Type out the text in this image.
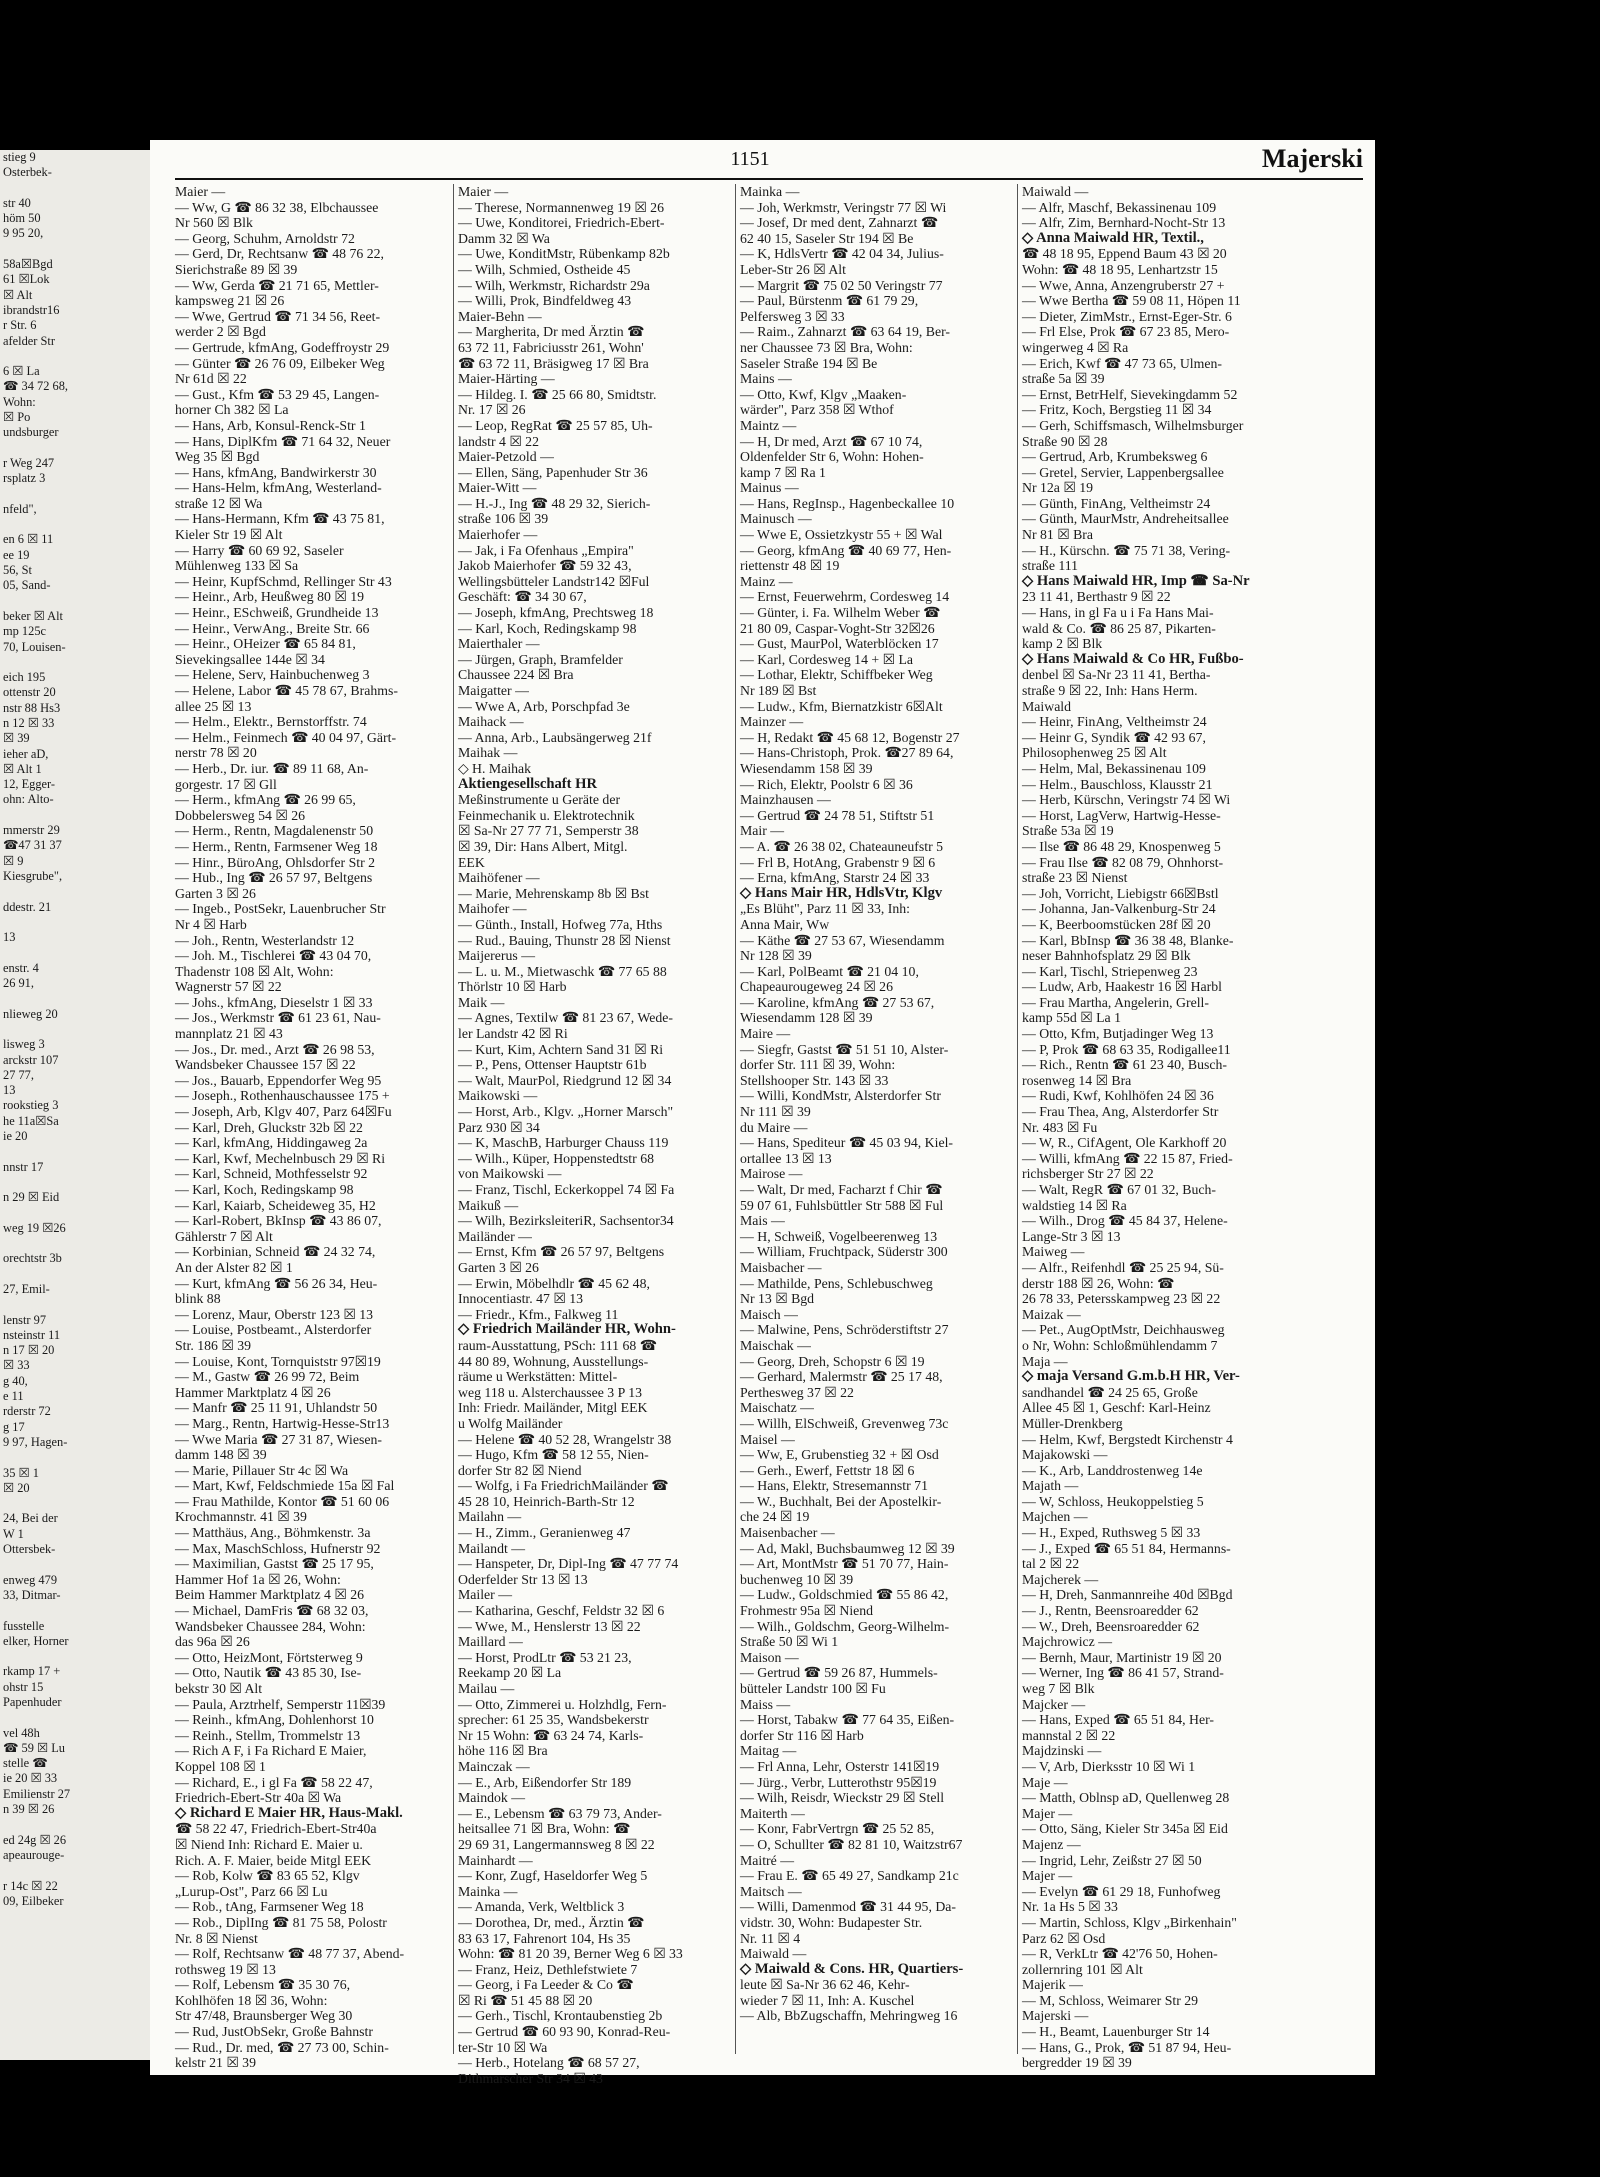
stieg 9
Osterbek-

str 40
höm 50
9 95 20,

58a☒Bgd
61 ☒Lok
☒ Alt
ibrandstr16
r Str. 6
afelder Str

6 ☒ La
☎ 34 72 68,
Wohn:
☒ Po
undsburger

r Weg 247
rsplatz 3

nfeld",

en 6 ☒ 11
ee 19
56, St
05, Sand-

beker ☒ Alt
mp 125c
70, Louisen-

eich 195
ottenstr 20
nstr 88 Hs3
n 12 ☒ 33
☒ 39
ieher aD,
☒ Alt 1
12, Egger-
ohn: Alto-

mmerstr 29
☎47 31 37
☒ 9
Kiesgrube",

ddestr. 21

13

enstr. 4
26 91,

nlieweg 20

lisweg 3
arckstr 107
27 77,
13
rookstieg 3
he 11a☒Sa
ie 20

nnstr 17

n 29 ☒ Eid

weg 19 ☒26

orechtstr 3b

27, Emil-

lenstr 97
nsteinstr 11
n 17 ☒ 20
☒ 33
g 40,
e 11
rderstr 72
g 17
9 97, Hagen-

35 ☒ 1
☒ 20

24, Bei der
W 1
Ottersbek-

enweg 479
33, Ditmar-

fusstelle
elker, Horner

rkamp 17 +
ohstr 15
Papenhuder

vel 48h
☎ 59 ☒ Lu
stelle ☎
ie 20 ☒ 33
Emilienstr 27
n 39 ☒ 26

ed 24g ☒ 26
apeaurouge-

r 14c ☒ 22
09, Eilbeker
1151	Majerski
Maier —
— Ww, G ☎ 86 32 38, Elbchaussee
Nr 560 ☒ Blk
— Georg, Schuhm, Arnoldstr 72
— Gerd, Dr, Rechtsanw ☎ 48 76 22,
Sierichstraße 89 ☒ 39
— Ww, Gerda ☎ 21 71 65, Mettler-
kampsweg 21 ☒ 26
— Wwe, Gertrud ☎ 71 34 56, Reet-
werder 2 ☒ Bgd
— Gertrude, kfmAng, Godeffroystr 29
— Günter ☎ 26 76 09, Eilbeker Weg
Nr 61d ☒ 22
— Gust., Kfm ☎ 53 29 45, Langen-
horner Ch 382 ☒ La
— Hans, Arb, Konsul-Renck-Str 1
— Hans, DiplKfm ☎ 71 64 32, Neuer
Weg 35 ☒ Bgd
— Hans, kfmAng, Bandwirkerstr 30
— Hans-Helm, kfmAng, Westerland-
straße 12 ☒ Wa
— Hans-Hermann, Kfm ☎ 43 75 81,
Kieler Str 19 ☒ Alt
— Harry ☎ 60 69 92, Saseler
Mühlenweg 133 ☒ Sa
— Heinr, KupfSchmd, Rellinger Str 43
— Heinr., Arb, Heußweg 80 ☒ 19
— Heinr., ESchweiß, Grundheide 13
— Heinr., VerwAng., Breite Str. 66
— Heinr., OHeizer ☎ 65 84 81,
Sievekingsallee 144e ☒ 34
— Helene, Serv, Hainbuchenweg 3
— Helene, Labor ☎ 45 78 67, Brahms-
allee 25 ☒ 13
— Helm., Elektr., Bernstorffstr. 74
— Helm., Feinmech ☎ 40 04 97, Gärt-
nerstr 78 ☒ 20
— Herb., Dr. iur. ☎ 89 11 68, An-
gorgestr. 17 ☒ Gll
— Herm., kfmAng ☎ 26 99 65,
Dobbelersweg 54 ☒ 26
— Herm., Rentn, Magdalenenstr 50
— Herm., Rentn, Farmsener Weg 18
— Hinr., BüroAng, Ohlsdorfer Str 2
— Hub., Ing ☎ 26 57 97, Beltgens
Garten 3 ☒ 26
— Ingeb., PostSekr, Lauenbrucher Str
Nr 4 ☒ Harb
— Joh., Rentn, Westerlandstr 12
— Joh. M., Tischlerei ☎ 43 04 70,
Thadenstr 108 ☒ Alt, Wohn:
Wagnerstr 57 ☒ 22
— Johs., kfmAng, Dieselstr 1 ☒ 33
— Jos., Werkmstr ☎ 61 23 61, Nau-
mannplatz 21 ☒ 43
— Jos., Dr. med., Arzt ☎ 26 98 53,
Wandsbeker Chaussee 157 ☒ 22
— Jos., Bauarb, Eppendorfer Weg 95
— Joseph., Rothenhauschaussee 175 +
— Joseph, Arb, Klgv 407, Parz 64☒Fu
— Karl, Dreh, Gluckstr 32b ☒ 22
— Karl, kfmAng, Hiddingaweg 2a
— Karl, Kwf, Mechelnbusch 29 ☒ Ri
— Karl, Schneid, Mothfesselstr 92
— Karl, Koch, Redingskamp 98
— Karl, Kaiarb, Scheideweg 35, H2
— Karl-Robert, BkInsp ☎ 43 86 07,
Gählerstr 7 ☒ Alt
— Korbinian, Schneid ☎ 24 32 74,
An der Alster 82 ☒ 1
— Kurt, kfmAng ☎ 56 26 34, Heu-
blink 88
— Lorenz, Maur, Oberstr 123 ☒ 13
— Louise, Postbeamt., Alsterdorfer
Str. 186 ☒ 39
— Louise, Kont, Tornquiststr 97☒19
— M., Gastw ☎ 26 99 72, Beim
Hammer Marktplatz 4 ☒ 26
— Manfr ☎ 25 11 91, Uhlandstr 50
— Marg., Rentn, Hartwig-Hesse-Str13
— Wwe Maria ☎ 27 31 87, Wiesen-
damm 148 ☒ 39
— Marie, Pillauer Str 4c ☒ Wa
— Mart, Kwf, Feldschmiede 15a ☒ Fal
— Frau Mathilde, Kontor ☎ 51 60 06
Krochmannstr. 41 ☒ 39
— Matthäus, Ang., Böhmkenstr. 3a
— Max, MaschSchloss, Hufnerstr 92
— Maximilian, Gastst ☎ 25 17 95,
Hammer Hof 1a ☒ 26, Wohn:
Beim Hammer Marktplatz 4 ☒ 26
— Michael, DamFris ☎ 68 32 03,
Wandsbeker Chaussee 284, Wohn:
das 96a ☒ 26
— Otto, HeizMont, Förtsterweg 9
— Otto, Nautik ☎ 43 85 30, Ise-
bekstr 30 ☒ Alt
— Paula, Arztrhelf, Semperstr 11☒39
— Reinh., kfmAng, Dohlenhorst 10
— Reinh., Stellm, Trommelstr 13
— Rich A F, i Fa Richard E Maier,
Koppel 108 ☒ 1
— Richard, E., i gl Fa ☎ 58 22 47,
Friedrich-Ebert-Str 40a ☒ Wa
◇ Richard E Maier HR, Haus-Makl.
☎ 58 22 47, Friedrich-Ebert-Str40a
☒ Niend Inh: Richard E. Maier u.
Rich. A. F. Maier, beide Mitgl EEK
— Rob, Kolw ☎ 83 65 52, Klgv
„Lurup-Ost", Parz 66 ☒ Lu
— Rob., tAng, Farmsener Weg 18
— Rob., DiplIng ☎ 81 75 58, Polostr
Nr. 8 ☒ Nienst
— Rolf, Rechtsanw ☎ 48 77 37, Abend-
rothsweg 19 ☒ 13
— Rolf, Lebensm ☎ 35 30 76,
Kohlhöfen 18 ☒ 36, Wohn:
Str 47/48, Braunsberger Weg 30
— Rud, JustObSekr, Große Bahnstr
— Rud., Dr. med, ☎ 27 73 00, Schin-
kelstr 21 ☒ 39
Maier —
— Therese, Normannenweg 19 ☒ 26
— Uwe, Konditorei, Friedrich-Ebert-
Damm 32 ☒ Wa
— Uwe, KonditMstr, Rübenkamp 82b
— Wilh, Schmied, Ostheide 45
— Wilh, Werkmstr, Richardstr 29a
— Willi, Prok, Bindfeldweg 43
Maier-Behn —
— Margherita, Dr med Ärztin ☎
63 72 11, Fabriciusstr 261, Wohn'
☎ 63 72 11, Bräsigweg 17 ☒ Bra
Maier-Härting —
— Hildeg. I. ☎ 25 66 80, Smidtstr.
Nr. 17 ☒ 26
— Leop, RegRat ☎ 25 57 85, Uh-
landstr 4 ☒ 22
Maier-Petzold —
— Ellen, Säng, Papenhuder Str 36
Maier-Witt —
— H.-J., Ing ☎ 48 29 32, Sierich-
straße 106 ☒ 39
Maierhofer —
— Jak, i Fa Ofenhaus „Empira"
Jakob Maierhofer ☎ 59 32 43,
Wellingsbütteler Landstr142 ☒Ful
Geschäft: ☎ 34 30 67,
— Joseph, kfmAng, Prechtsweg 18
— Karl, Koch, Redingskamp 98
Maierthaler —
— Jürgen, Graph, Bramfelder
Chaussee 224 ☒ Bra
Maigatter —
— Wwe A, Arb, Porschpfad 3e
Maihack —
— Anna, Arb., Laubsängerweg 21f
Maihak —
◇ H. Maihak
Aktiengesellschaft HR
Meßinstrumente u Geräte der
Feinmechanik u. Elektrotechnik
☒ Sa-Nr 27 77 71, Semperstr 38
☒ 39, Dir: Hans Albert, Mitgl.
EEK
Maihöfener —
— Marie, Mehrenskamp 8b ☒ Bst
Maihofer —
— Günth., Install, Hofweg 77a, Hths
— Rud., Bauing, Thunstr 28 ☒ Nienst
Maijererus —
— L. u. M., Mietwaschk ☎ 77 65 88
Thörlstr 10 ☒ Harb
Maik —
— Agnes, Textilw ☎ 81 23 67, Wede-
ler Landstr 42 ☒ Ri
— Kurt, Kim, Achtern Sand 31 ☒ Ri
— P., Pens, Ottenser Hauptstr 61b
— Walt, MaurPol, Riedgrund 12 ☒ 34
Maikowski —
— Horst, Arb., Klgv. „Horner Marsch"
Parz 930 ☒ 34
— K, MaschB, Harburger Chauss 119
— Wilh., Küper, Hoppenstedtstr 68
von Maikowski —
— Franz, Tischl, Eckerkoppel 74 ☒ Fa
Maikuß —
— Wilh, BezirksleiteriR, Sachsentor34
Mailänder —
— Ernst, Kfm ☎ 26 57 97, Beltgens
Garten 3 ☒ 26
— Erwin, Möbelhdlr ☎ 45 62 48,
Innocentiastr. 47 ☒ 13
— Friedr., Kfm., Falkweg 11
◇ Friedrich Mailänder HR, Wohn-
raum-Ausstattung, PSch: 111 68 ☎
44 80 89, Wohnung, Ausstellungs-
räume u Werkstätten: Mittel-
weg 118 u. Alsterchaussee 3 P 13
Inh: Friedr. Mailänder, Mitgl EEK
u Wolfg Mailänder
— Helene ☎ 40 52 28, Wrangelstr 38
— Hugo, Kfm ☎ 58 12 55, Nien-
dorfer Str 82 ☒ Niend
— Wolfg, i Fa FriedrichMailänder ☎
45 28 10, Heinrich-Barth-Str 12
Mailahn —
— H., Zimm., Geranienweg 47
Mailandt —
— Hanspeter, Dr, Dipl-Ing ☎ 47 77 74
Oderfelder Str 13 ☒ 13
Mailer —
— Katharina, Geschf, Feldstr 32 ☒ 6
— Wwe, M., Henslerstr 13 ☒ 22
Maillard —
— Horst, ProdLtr ☎ 53 21 23,
Reekamp 20 ☒ La
Mailau —
— Otto, Zimmerei u. Holzhdlg, Fern-
sprecher: 61 25 35, Wandsbekerstr
Nr 15 Wohn: ☎ 63 24 74, Karls-
höhe 116 ☒ Bra
Mainczak —
— E., Arb, Eißendorfer Str 189
Maindok —
— E., Lebensm ☎ 63 79 73, Ander-
heitsallee 71 ☒ Bra, Wohn: ☎
29 69 31, Langermannsweg 8 ☒ 22
Mainhardt —
— Konr, Zugf, Haseldorfer Weg 5
Mainka —
— Amanda, Verk, Weltblick 3
— Dorothea, Dr, med., Ärztin ☎
83 63 17, Fahrenort 104, Hs 35
Wohn: ☎ 81 20 39, Berner Weg 6 ☒ 33
— Franz, Heiz, Dethlefstwiete 7
— Georg, i Fa Leeder & Co ☎
☒ Ri ☎ 51 45 88 ☒ 20
— Gerh., Tischl, Krontaubenstieg 2b
— Gertrud ☎ 60 93 90, Konrad-Reu-
ter-Str 10 ☒ Wa
— Herb., Hotelang ☎ 68 57 27,
Dithmarscher Str 34 ☒ 43
Mainka —
— Joh, Werkmstr, Veringstr 77 ☒ Wi
— Josef, Dr med dent, Zahnarzt ☎
62 40 15, Saseler Str 194 ☒ Be
— K, HdlsVertr ☎ 42 04 34, Julius-
Leber-Str 26 ☒ Alt
— Margrit ☎ 75 02 50 Veringstr 77
— Paul, Bürstenm ☎ 61 79 29,
Pelfersweg 3 ☒ 33
— Raim., Zahnarzt ☎ 63 64 19, Ber-
ner Chaussee 73 ☒ Bra, Wohn:
Saseler Straße 194 ☒ Be
Mains —
— Otto, Kwf, Klgv „Maaken-
wärder", Parz 358 ☒ Wthof
Maintz —
— H, Dr med, Arzt ☎ 67 10 74,
Oldenfelder Str 6, Wohn: Hohen-
kamp 7 ☒ Ra 1
Mainus —
— Hans, RegInsp., Hagenbeckallee 10
Mainusch —
— Wwe E, Ossietzkystr 55 + ☒ Wal
— Georg, kfmAng ☎ 40 69 77, Hen-
riettenstr 48 ☒ 19
Mainz —
— Ernst, Feuerwehrm, Cordesweg 14
— Günter, i. Fa. Wilhelm Weber ☎
21 80 09, Caspar-Voght-Str 32☒26
— Gust, MaurPol, Waterblöcken 17
— Karl, Cordesweg 14 + ☒ La
— Lothar, Elektr, Schiffbeker Weg
Nr 189 ☒ Bst
— Ludw., Kfm, Biernatzkistr 6☒Alt
Mainzer —
— H, Redakt ☎ 45 68 12, Bogenstr 27
— Hans-Christoph, Prok. ☎27 89 64,
Wiesendamm 158 ☒ 39
— Rich, Elektr, Poolstr 6 ☒ 36
Mainzhausen —
— Gertrud ☎ 24 78 51, Stiftstr 51
Mair —
— A. ☎ 26 38 02, Chateauneufstr 5
— Frl B, HotAng, Grabenstr 9 ☒ 6
— Erna, kfmAng, Starstr 24 ☒ 33
◇ Hans Mair HR, HdlsVtr, Klgv
„Es Blüht", Parz 11 ☒ 33, Inh:
Anna Mair, Ww
— Käthe ☎ 27 53 67, Wiesendamm
Nr 128 ☒ 39
— Karl, PolBeamt ☎ 21 04 10,
Chapeaurougeweg 24 ☒ 26
— Karoline, kfmAng ☎ 27 53 67,
Wiesendamm 128 ☒ 39
Maire —
— Siegfr, Gastst ☎ 51 51 10, Alster-
dorfer Str. 111 ☒ 39, Wohn:
Stellshooper Str. 143 ☒ 33
— Willi, KondMstr, Alsterdorfer Str
Nr 111 ☒ 39
du Maire —
— Hans, Spediteur ☎ 45 03 94, Kiel-
ortallee 13 ☒ 13
Mairose —
— Walt, Dr med, Facharzt f Chir ☎
59 07 61, Fuhlsbüttler Str 588 ☒ Ful
Mais —
— H, Schweiß, Vogelbeerenweg 13
— William, Fruchtpack, Süderstr 300
Maisbacher —
— Mathilde, Pens, Schlebuschweg
Nr 13 ☒ Bgd
Maisch —
— Malwine, Pens, Schröderstiftstr 27
Maischak —
— Georg, Dreh, Schopstr 6 ☒ 19
— Gerhard, Malermstr ☎ 25 17 48,
Perthesweg 37 ☒ 22
Maischatz —
— Willh, ElSchweiß, Grevenweg 73c
Maisel —
— Ww, E, Grubenstieg 32 + ☒ Osd
— Gerh., Ewerf, Fettstr 18 ☒ 6
— Hans, Elektr, Stresemannstr 71
— W., Buchhalt, Bei der Apostelkir-
che 24 ☒ 19
Maisenbacher —
— Ad, Makl, Buchsbaumweg 12 ☒ 39
— Art, MontMstr ☎ 51 70 77, Hain-
buchenweg 10 ☒ 39
— Ludw., Goldschmied ☎ 55 86 42,
Frohmestr 95a ☒ Niend
— Wilh., Goldschm, Georg-Wilhelm-
Straße 50 ☒ Wi 1
Maison —
— Gertrud ☎ 59 26 87, Hummels-
bütteler Landstr 100 ☒ Fu
Maiss —
— Horst, Tabakw ☎ 77 64 35, Eißen-
dorfer Str 116 ☒ Harb
Maitag —
— Frl Anna, Lehr, Osterstr 141☒19
— Jürg., Verbr, Lutterothstr 95☒19
— Wilh, Reisdr, Wieckstr 29 ☒ Stell
Maiterth —
— Konr, FabrVertrgn ☎ 25 52 85,
— O, Schullter ☎ 82 81 10, Waitzstr67
Maitré —
— Frau E. ☎ 65 49 27, Sandkamp 21c
Maitsch —
— Willi, Damenmod ☎ 31 44 95, Da-
vidstr. 30, Wohn: Budapester Str.
Nr. 11 ☒ 4
Maiwald —
◇ Maiwald & Cons. HR, Quartiers-
leute ☒ Sa-Nr 36 62 46, Kehr-
wieder 7 ☒ 11, Inh: A. Kuschel
— Alb, BbZugschaffn, Mehringweg 16
Maiwald —
— Alfr, Maschf, Bekassinenau 109
— Alfr, Zim, Bernhard-Nocht-Str 13
◇ Anna Maiwald HR, Textil.,
☎ 48 18 95, Eppend Baum 43 ☒ 20
Wohn: ☎ 48 18 95, Lenhartzstr 15
— Wwe, Anna, Anzengruberstr 27 +
— Wwe Bertha ☎ 59 08 11, Höpen 11
— Dieter, ZimMstr., Ernst-Eger-Str. 6
— Frl Else, Prok ☎ 67 23 85, Mero-
wingerweg 4 ☒ Ra
— Erich, Kwf ☎ 47 73 65, Ulmen-
straße 5a ☒ 39
— Ernst, BetrHelf, Sievekingdamm 52
— Fritz, Koch, Bergstieg 11 ☒ 34
— Gerh, Schiffsmasch, Wilhelmsburger
Straße 90 ☒ 28
— Gertrud, Arb, Krumbeksweg 6
— Gretel, Servier, Lappenbergsallee
Nr 12a ☒ 19
— Günth, FinAng, Veltheimstr 24
— Günth, MaurMstr, Andreheitsallee
Nr 81 ☒ Bra
— H., Kürschn. ☎ 75 71 38, Vering-
straße 111
◇ Hans Maiwald HR, Imp ☎ Sa-Nr
23 11 41, Berthastr 9 ☒ 22
— Hans, in gl Fa u i Fa Hans Mai-
wald & Co. ☎ 86 25 87, Pikarten-
kamp 2 ☒ Blk
◇ Hans Maiwald & Co HR, Fußbo-
denbel ☒ Sa-Nr 23 11 41, Bertha-
straße 9 ☒ 22, Inh: Hans Herm.
Maiwald
— Heinr, FinAng, Veltheimstr 24
— Heinr G, Syndik ☎ 42 93 67,
Philosophenweg 25 ☒ Alt
— Helm, Mal, Bekassinenau 109
— Helm., Bauschloss, Klausstr 21
— Herb, Kürschn, Veringstr 74 ☒ Wi
— Horst, LagVerw, Hartwig-Hesse-
Straße 53a ☒ 19
— Ilse ☎ 86 48 29, Knospenweg 5
— Frau Ilse ☎ 82 08 79, Ohnhorst-
straße 23 ☒ Nienst
— Joh, Vorricht, Liebigstr 66☒Bstl
— Johanna, Jan-Valkenburg-Str 24
— K, Beerboomstücken 28f ☒ 20
— Karl, BbInsp ☎ 36 38 48, Blanke-
neser Bahnhofsplatz 29 ☒ Blk
— Karl, Tischl, Striepenweg 23
— Ludw, Arb, Haakestr 16 ☒ Harbl
— Frau Martha, Angelerin, Grell-
kamp 55d ☒ La 1
— Otto, Kfm, Butjadinger Weg 13
— P, Prok ☎ 68 63 35, Rodigallee11
— Rich., Rentn ☎ 61 23 40, Busch-
rosenweg 14 ☒ Bra
— Rudi, Kwf, Kohlhöfen 24 ☒ 36
— Frau Thea, Ang, Alsterdorfer Str
Nr. 483 ☒ Fu
— W, R., CifAgent, Ole Karkhoff 20
— Willi, kfmAng ☎ 22 15 87, Fried-
richsberger Str 27 ☒ 22
— Walt, RegR ☎ 67 01 32, Buch-
waldstieg 14 ☒ Ra
— Wilh., Drog ☎ 45 84 37, Helene-
Lange-Str 3 ☒ 13
Maiweg —
— Alfr., Reifenhdl ☎ 25 25 94, Sü-
derstr 188 ☒ 26, Wohn: ☎
26 78 33, Petersskampweg 23 ☒ 22
Maizak —
— Pet., AugOptMstr, Deichhausweg
o Nr, Wohn: Schloßmühlendamm 7
Maja —
◇ maja Versand G.m.b.H HR, Ver-
sandhandel ☎ 24 25 65, Große
Allee 45 ☒ 1, Geschf: Karl-Heinz
Müller-Drenkberg
— Helm, Kwf, Bergstedt Kirchenstr 4
Majakowski —
— K., Arb, Landdrostenweg 14e
Majath —
— W, Schloss, Heukoppelstieg 5
Majchen —
— H., Exped, Ruthsweg 5 ☒ 33
— J., Exped ☎ 65 51 84, Hermanns-
tal 2 ☒ 22
Majcherek —
— H, Dreh, Sanmannreihe 40d ☒Bgd
— J., Rentn, Beensroaredder 62
— W., Dreh, Beensroaredder 62
Majchrowicz —
— Bernh, Maur, Martinistr 19 ☒ 20
— Werner, Ing ☎ 86 41 57, Strand-
weg 7 ☒ Blk
Majcker —
— Hans, Exped ☎ 65 51 84, Her-
mannstal 2 ☒ 22
Majdzinski —
— V, Arb, Dierksstr 10 ☒ Wi 1
Maje —
— Matth, Oblnsp aD, Quellenweg 28
Majer —
— Otto, Säng, Kieler Str 345a ☒ Eid
Majenz —
— Ingrid, Lehr, Zeißstr 27 ☒ 50
Majer —
— Evelyn ☎ 61 29 18, Funhofweg
Nr. 1a Hs 5 ☒ 33
— Martin, Schloss, Klgv „Birkenhain"
Parz 62 ☒ Osd
— R, VerkLtr ☎ 42'76 50, Hohen-
zollernring 101 ☒ Alt
Majerik —
— M, Schloss, Weimarer Str 29
Majerski —
— H., Beamt, Lauenburger Str 14
— Hans, G., Prok, ☎ 51 87 94, Heu-
bergredder 19 ☒ 39
